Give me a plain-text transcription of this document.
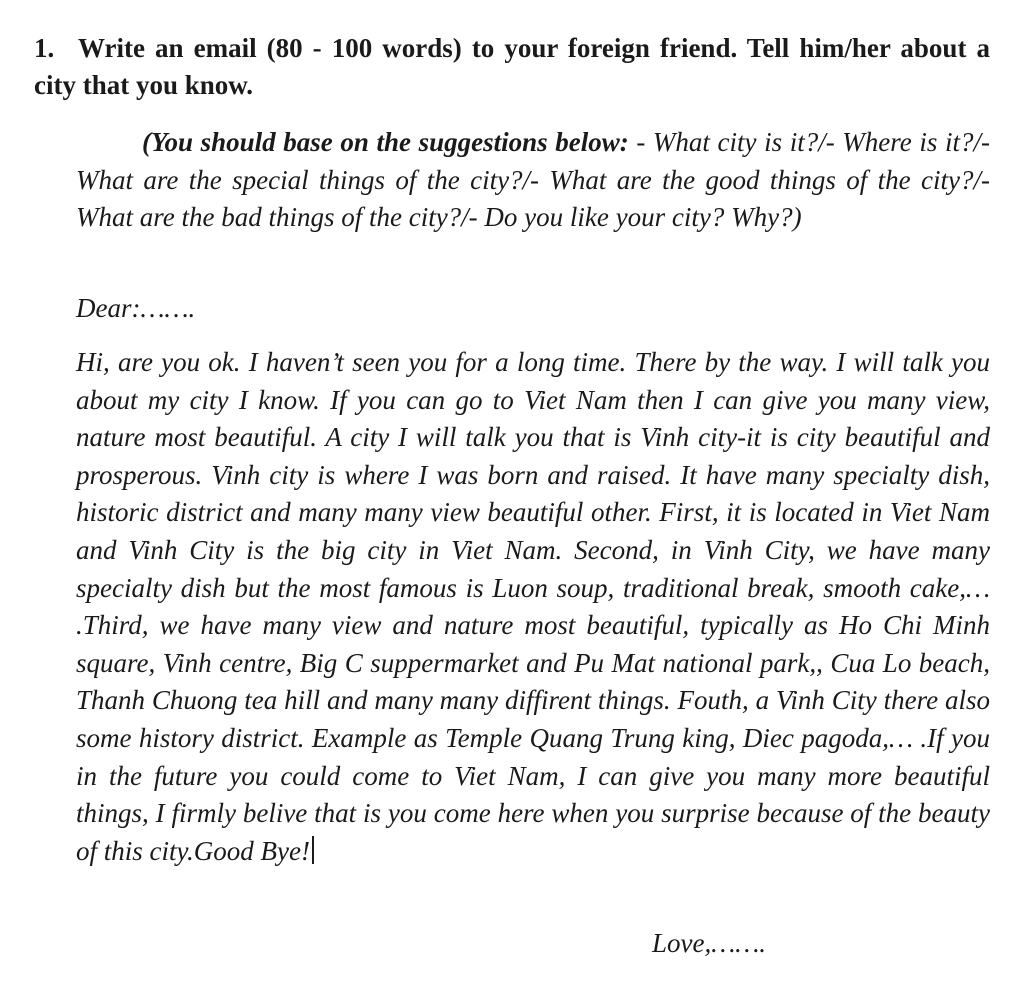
1. Write an email (80 - 100 words) to your foreign friend. Tell him/her about a city that you know.
(You should base on the suggestions below: - What city is it?/- Where is it?/- What are the special things of the city?/- What are the good things of the city?/- What are the bad things of the city?/- Do you like your city? Why?)
Dear:…….
Hi, are you ok. I haven’t seen you for a long time. There by the way. I will talk you about my city I know. If you can go to Viet Nam then I can give you many view, nature most beautiful. A city I will talk you that is Vinh city-it is city beautiful and prosperous. Vinh city is where I was born and raised. It have many specialty dish, historic district and many many view beautiful other. First, it is located in Viet Nam and Vinh City is the big city in Viet Nam. Second, in Vinh City, we have many specialty dish but the most famous is Luon soup, traditional break, smooth cake,… .Third, we have many view and nature most beautiful, typically as Ho Chi Minh square, Vinh centre, Big C suppermarket and Pu Mat national park,, Cua Lo beach, Thanh Chuong tea hill and many many diffirent things. Fouth, a Vinh City there also some history district. Example as Temple Quang Trung king, Diec pagoda,… .If you in the future you could come to Viet Nam, I can give you many more beautiful things, I firmly belive that is you come here when you surprise because of the beauty of this city.Good Bye!
Love,…….
